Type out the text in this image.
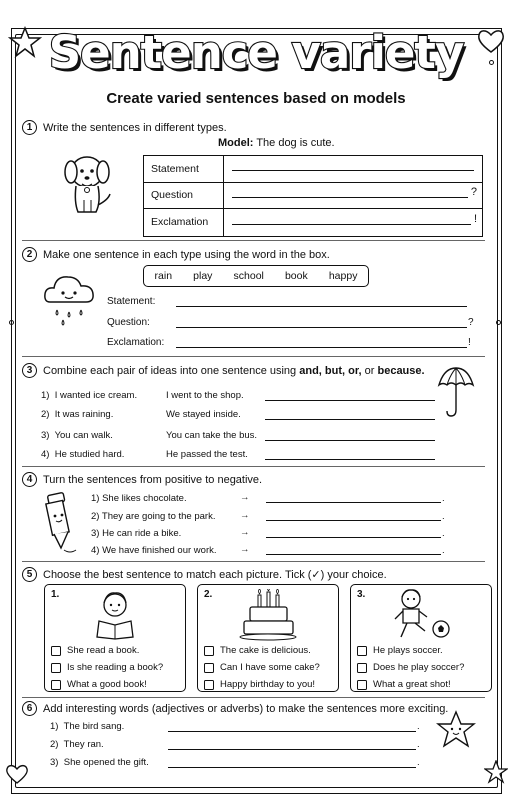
Sentence variety
Create varied sentences based on models
1 Write the sentences in different types.
Model: The dog is cute.
Statement
Question	?
Exclamation	!
2 Make one sentence in each type using the word in the box.
rain play school book happy
Statement:
Question:	?
Exclamation:	!
3 Combine each pair of ideas into one sentence using and, but, or, or because.
1) I wanted ice cream.	I went to the shop.
2) It was raining.	We stayed inside.
3) You can walk.	You can take the bus.
4) He studied hard.	He passed the test.
4 Turn the sentences from positive to negative.
1) She likes chocolate.	→	.
2) They are going to the park.	→	.
3) He can ride a bike.	→	.
4) We have finished our work. →	.
5 Choose the best sentence to match each picture. Tick (✓) your choice.
1.
She read a book.
Is she reading a book?
What a good book!
2.
The cake is delicious.
Can I have some cake?
Happy birthday to you!
3.
He plays soccer.
Does he play soccer?
What a great shot!
6 Add interesting words (adjectives or adverbs) to make the sentences more exciting.
1) The bird sang.	.
2) They ran.	.
3) She opened the gift.	.
